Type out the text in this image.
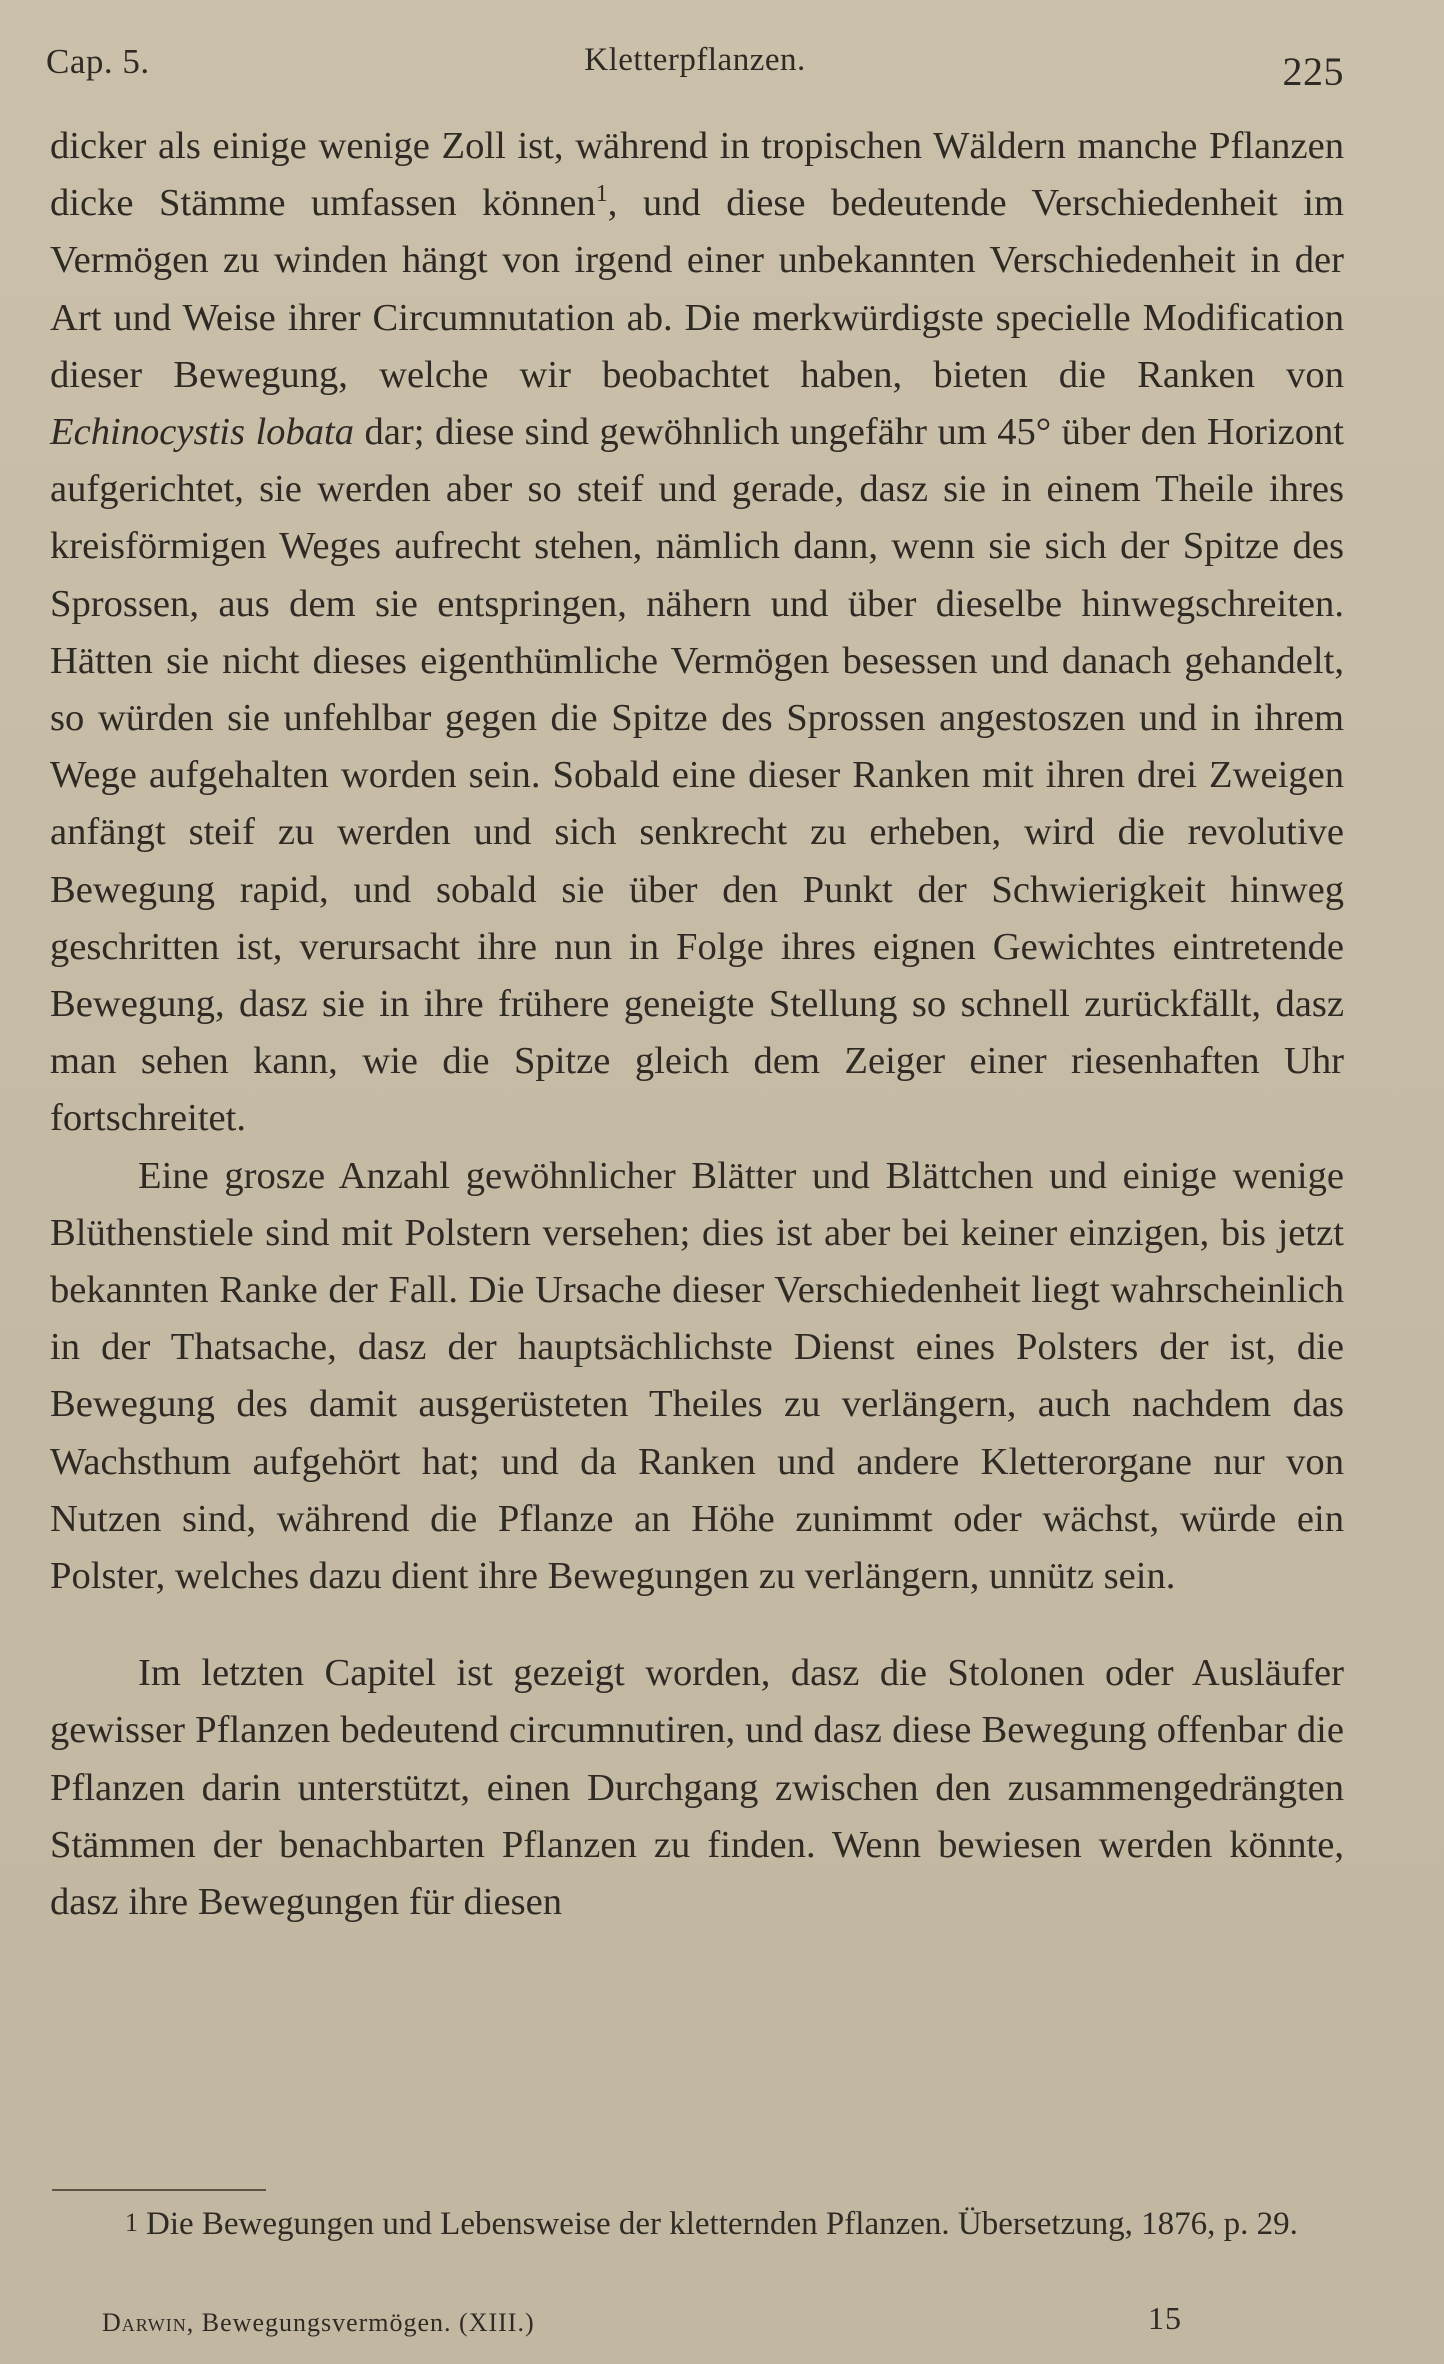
Cap. 5.	Kletterpflanzen.	225

dicker als einige wenige Zoll ist, während in tropischen Wäldern manche Pflanzen dicke Stämme umfassen können$^1$, und diese bedeutende Verschiedenheit im Vermögen zu winden hängt von irgend einer unbekannten Verschiedenheit in der Art und Weise ihrer Circumnutation ab. Die merkwürdigste specielle Modification dieser Bewegung, welche wir beobachtet haben, bieten die Ranken von Echinocystis lobata dar; diese sind gewöhnlich ungefähr um 45° über den Horizont aufgerichtet, sie werden aber so steif und gerade, dasz sie in einem Theile ihres kreisförmigen Weges aufrecht stehen, nämlich dann, wenn sie sich der Spitze des Sprossen, aus dem sie entspringen, nähern und über dieselbe hinwegschreiten. Hätten sie nicht dieses eigenthümliche Vermögen besessen und danach gehandelt, so würden sie unfehlbar gegen die Spitze des Sprossen angestoszen und in ihrem Wege aufgehalten worden sein. Sobald eine dieser Ranken mit ihren drei Zweigen anfängt steif zu werden und sich senkrecht zu erheben, wird die revolutive Bewegung rapid, und sobald sie über den Punkt der Schwierigkeit hinweg geschritten ist, verursacht ihre nun in Folge ihres eignen Gewichtes eintretende Bewegung, dasz sie in ihre frühere geneigte Stellung so schnell zurückfällt, dasz man sehen kann, wie die Spitze gleich dem Zeiger einer riesenhaften Uhr fortschreitet.

Eine grosze Anzahl gewöhnlicher Blätter und Blättchen und einige wenige Blüthenstiele sind mit Polstern versehen; dies ist aber bei keiner einzigen, bis jetzt bekannten Ranke der Fall. Die Ursache dieser Verschiedenheit liegt wahrscheinlich in der Thatsache, dasz der hauptsächlichste Dienst eines Polsters der ist, die Bewegung des damit ausgerüsteten Theiles zu verlängern, auch nachdem das Wachsthum aufgehört hat; und da Ranken und andere Kletterorgane nur von Nutzen sind, während die Pflanze an Höhe zunimmt oder wächst, würde ein Polster, welches dazu dient ihre Bewegungen zu verlängern, unnütz sein.

Im letzten Capitel ist gezeigt worden, dasz die Stolonen oder Ausläufer gewisser Pflanzen bedeutend circumnutiren, und dasz diese Bewegung offenbar die Pflanzen darin unterstützt, einen Durchgang zwischen den zusammengedrängten Stämmen der benachbarten Pflanzen zu finden. Wenn bewiesen werden könnte, dasz ihre Bewegungen für diesen

1 Die Bewegungen und Lebensweise der kletternden Pflanzen. Übersetzung, 1876, p. 29.
Darwin, Bewegungsvermögen. (XIII.)	15
